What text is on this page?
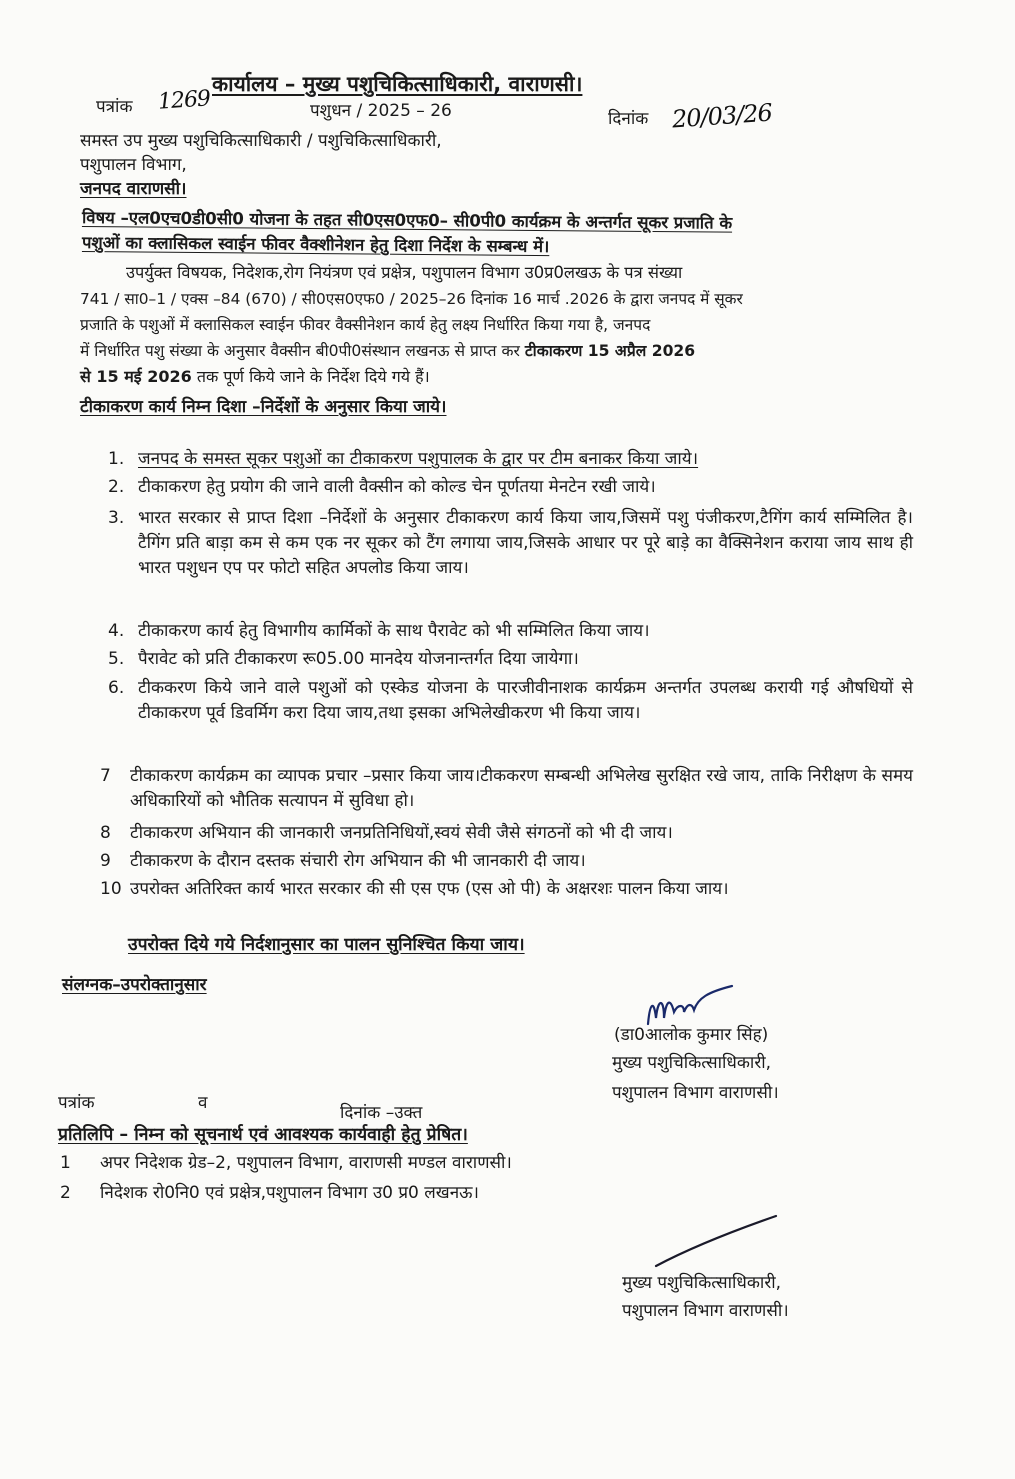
कार्यालय – मुख्य पशुचिकित्साधिकारी, वाराणसी।
पत्रांक 1269	पशुधन / 2025 – 26	दिनांक 20/03/26
समस्त उप मुख्य पशुचिकित्साधिकारी / पशुचिकित्साधिकारी,
पशुपालन विभाग,
जनपद वाराणसी।
विषय –एल0एच0डी0सी0 योजना के तहत सी0एस0एफ0– सी0पी0 कार्यक्रम के अन्तर्गत सूकर प्रजाति के
पशुओं का क्लासिकल स्वाईन फीवर वैक्शीनेशन हेतु दिशा निर्देश के सम्बन्ध में।
उपर्युक्त विषयक, निदेशक,रोग नियंत्रण एवं प्रक्षेत्र, पशुपालन विभाग उ0प्र0लखऊ के पत्र संख्या
741 / सा0–1 / एक्स –84 (670) / सी0एस0एफ0 / 2025–26 दिनांक 16 मार्च .2026 के द्वारा जनपद में सूकर
प्रजाति के पशुओं में क्लासिकल स्वाईन फीवर वैक्सीनेशन कार्य हेतु लक्ष्य निर्धारित किया गया है, जनपद
में निर्धारित पशु संख्या के अनुसार वैक्सीन बी0पी0संस्थान लखनऊ से प्राप्त कर टीकाकरण 15 अप्रैल 2026
से 15 मई 2026 तक पूर्ण किये जाने के निर्देश दिये गये हैं।
टीकाकरण कार्य निम्न दिशा –निर्देशों के अनुसार किया जाये।
1. जनपद के समस्त सूकर पशुओं का टीकाकरण पशुपालक के द्वार पर टीम बनाकर किया जाये।
2. टीकाकरण हेतु प्रयोग की जाने वाली वैक्सीन को कोल्ड चेन पूर्णतया मेनटेन रखी जाये।
3. भारत सरकार से प्राप्त दिशा –निर्देशों के अनुसार टीकाकरण कार्य किया जाय,जिसमें पशु पंजीकरण,टैगिंग कार्य सम्मिलित है। टैगिंग प्रति बाड़ा कम से कम एक नर सूकर को टैंग लगाया जाय,जिसके आधार पर पूरे बाड़े का वैक्सिनेशन कराया जाय साथ ही भारत पशुधन एप पर फोटो सहित अपलोड किया जाय।
4. टीकाकरण कार्य हेतु विभागीय कार्मिकों के साथ पैरावेट को भी सम्मिलित किया जाय।
5. पैरावेट को प्रति टीकाकरण रू05.00 मानदेय योजनान्तर्गत दिया जायेगा।
6. टीककरण किये जाने वाले पशुओं को एस्केड योजना के पारजीवीनाशक कार्यक्रम अन्तर्गत उपलब्ध करायी गई औषधियों से टीकाकरण पूर्व डिवर्मिग करा दिया जाय,तथा इसका अभिलेखीकरण भी किया जाय।
7	टीकाकरण कार्यक्रम का व्यापक प्रचार –प्रसार किया जाय।टीककरण सम्बन्धी अभिलेख सुरक्षित रखे जाय, ताकि निरीक्षण के समय अधिकारियों को भौतिक सत्यापन में सुविधा हो।
8	टीकाकरण अभियान की जानकारी जनप्रतिनिधियों,स्वयं सेवी जैसे संगठनों को भी दी जाय।
9	टीकाकरण के दौरान दस्तक संचारी रोग अभियान की भी जानकारी दी जाय।
10 उपरोक्त अतिरिक्त कार्य भारत सरकार की सी एस एफ (एस ओ पी) के अक्षरशः पालन किया जाय।
उपरोक्त दिये गये निर्दशानुसार का पालन सुनिश्चित किया जाय।
संलग्नक–उपरोक्तानुसार
(डा0आलोक कुमार सिंह)
मुख्य पशुचिकित्साधिकारी,
पशुपालन विभाग वाराणसी।
पत्रांक	व	दिनांक –उक्त
प्रतिलिपि – निम्न को सूचनार्थ एवं आवश्यक कार्यवाही हेतु प्रेषित।
1	अपर निदेशक ग्रेड–2, पशुपालन विभाग, वाराणसी मण्डल वाराणसी।
2	निदेशक रो0नि0 एवं प्रक्षेत्र,पशुपालन विभाग उ0 प्र0 लखनऊ।
मुख्य पशुचिकित्साधिकारी,
पशुपालन विभाग वाराणसी।
